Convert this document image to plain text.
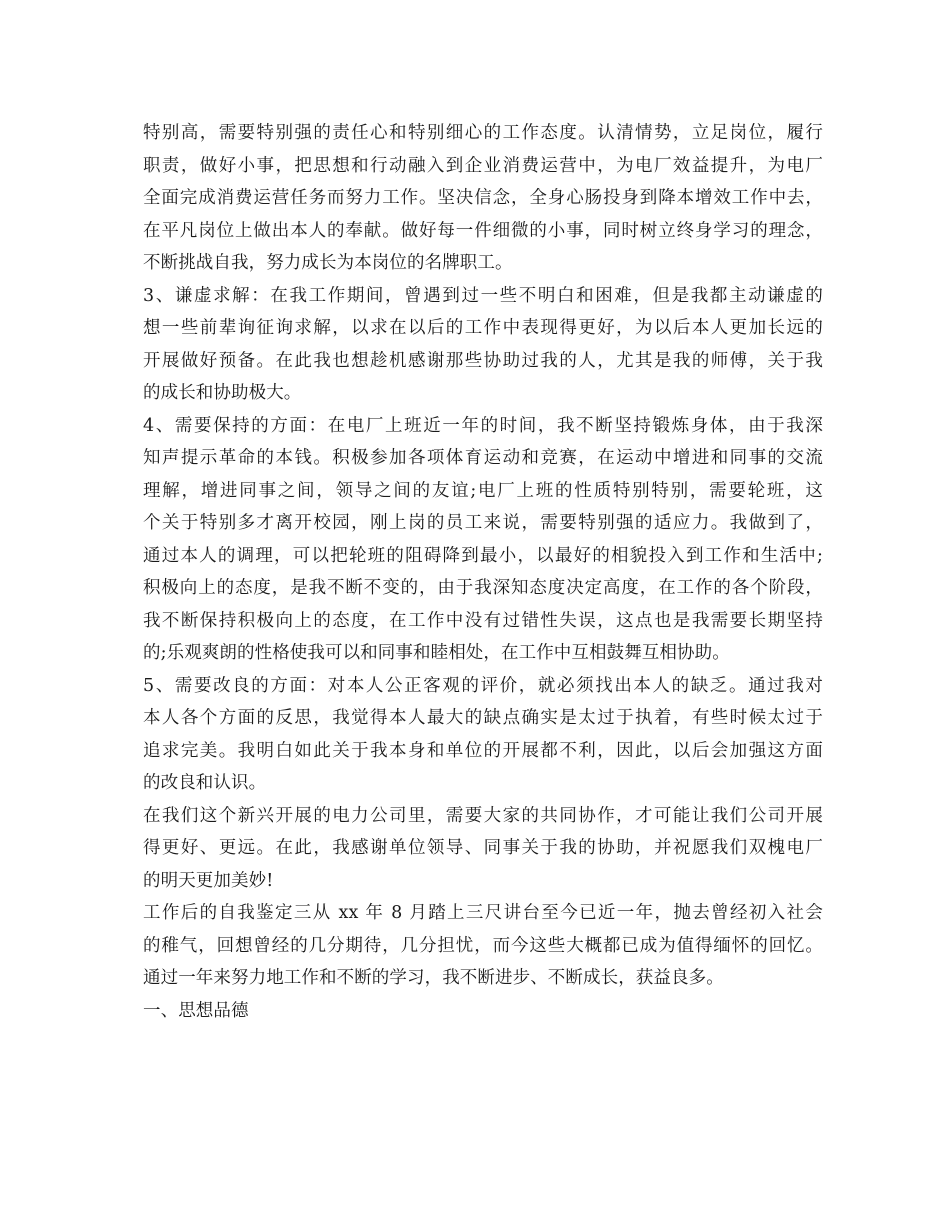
特别高，需要特别强的责任心和特别细心的工作态度。认清情势，立足岗位，履行
职责，做好小事，把思想和行动融入到企业消费运营中，为电厂效益提升，为电厂
全面完成消费运营任务而努力工作。坚决信念，全身心肠投身到降本增效工作中去，
在平凡岗位上做出本人的奉献。做好每一件细微的小事，同时树立终身学习的理念，
不断挑战自我，努力成长为本岗位的名牌职工。
3、谦虚求解：在我工作期间，曾遇到过一些不明白和困难，但是我都主动谦虚的
想一些前辈询征询求解，以求在以后的工作中表现得更好，为以后本人更加长远的
开展做好预备。在此我也想趁机感谢那些协助过我的人，尤其是我的师傅，关于我
的成长和协助极大。
4、需要保持的方面：在电厂上班近一年的时间，我不断坚持锻炼身体，由于我深
知声提示革命的本钱。积极参加各项体育运动和竞赛，在运动中增进和同事的交流
理解，增进同事之间，领导之间的友谊;电厂上班的性质特别特别，需要轮班，这
个关于特别多才离开校园，刚上岗的员工来说，需要特别强的适应力。我做到了，
通过本人的调理，可以把轮班的阻碍降到最小，以最好的相貌投入到工作和生活中;
积极向上的态度，是我不断不变的，由于我深知态度决定高度，在工作的各个阶段，
我不断保持积极向上的态度，在工作中没有过错性失误，这点也是我需要长期坚持
的;乐观爽朗的性格使我可以和同事和睦相处，在工作中互相鼓舞互相协助。
5、需要改良的方面：对本人公正客观的评价，就必须找出本人的缺乏。通过我对
本人各个方面的反思，我觉得本人最大的缺点确实是太过于执着，有些时候太过于
追求完美。我明白如此关于我本身和单位的开展都不利，因此，以后会加强这方面
的改良和认识。
在我们这个新兴开展的电力公司里，需要大家的共同协作，才可能让我们公司开展
得更好、更远。在此，我感谢单位领导、同事关于我的协助，并祝愿我们双槐电厂
的明天更加美妙!
工作后的自我鉴定三从 xx 年 8 月踏上三尺讲台至今已近一年，抛去曾经初入社会
的稚气，回想曾经的几分期待，几分担忧，而今这些大概都已成为值得缅怀的回忆。
通过一年来努力地工作和不断的学习，我不断进步、不断成长，获益良多。
一、思想品德
